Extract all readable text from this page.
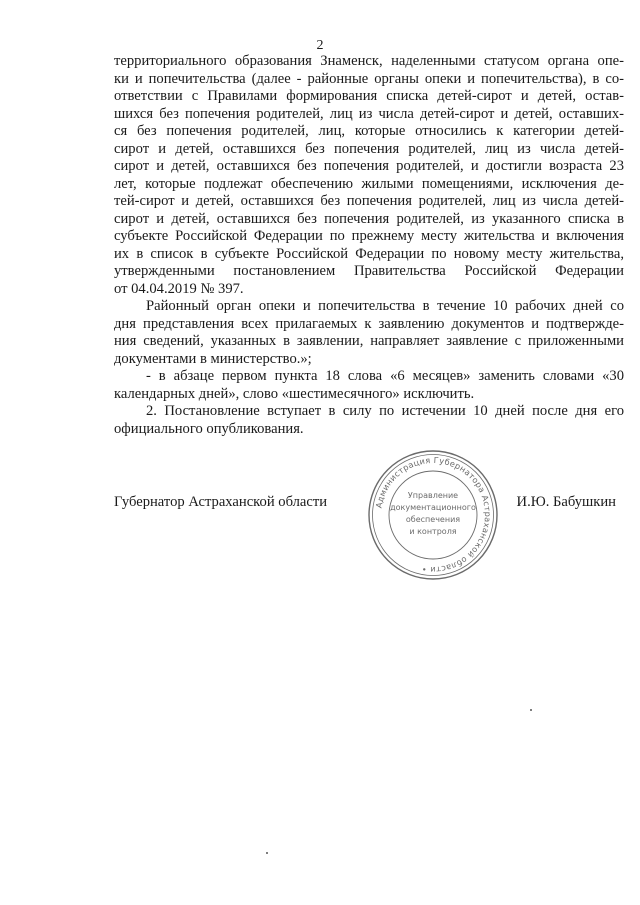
2
территориального образования Знаменск, наделенными статусом органа опе-
ки и попечительства (далее - районные органы опеки и попечительства), в со-
ответствии с Правилами формирования списка детей-сирот и детей, остав-
шихся без попечения родителей, лиц из числа детей-сирот и детей, оставших-
ся без попечения родителей, лиц, которые относились к категории детей-
сирот и детей, оставшихся без попечения родителей, лиц из числа детей-
сирот и детей, оставшихся без попечения родителей, и достигли возраста 23
лет, которые подлежат обеспечению жилыми помещениями, исключения де-
тей-сирот и детей, оставшихся без попечения родителей, лиц из числа детей-
сирот и детей, оставшихся без попечения родителей, из указанного списка в
субъекте Российской Федерации по прежнему месту жительства и включения
их в список в субъекте Российской Федерации по новому месту жительства,
утвержденными постановлением Правительства Российской Федерации
от 04.04.2019 № 397.
Районный орган опеки и попечительства в течение 10 рабочих дней со
дня представления всех прилагаемых к заявлению документов и подтвержде-
ния сведений, указанных в заявлении, направляет заявление с приложенными
документами в министерство.»;
- в абзаце первом пункта 18 слова «6 месяцев» заменить словами «30
календарных дней», слово «шестимесячного» исключить.
2. Постановление вступает в силу по истечении 10 дней после дня его
официального опубликования.
Губернатор Астраханской области	И.Ю. Бабушкин
Администрация Губернатора Астраханской области •
Управление
документационного
обеспечения
и контроля
